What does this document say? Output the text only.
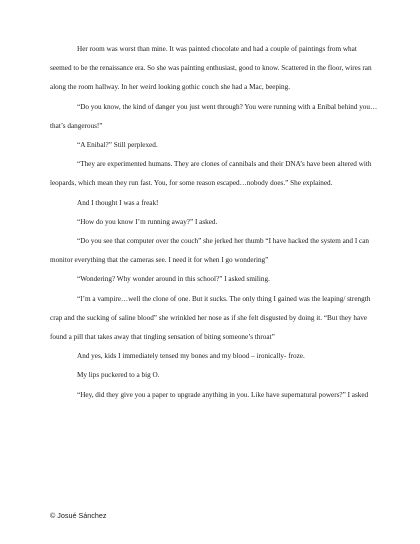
Her room was worst than mine. It was painted chocolate and had a couple of paintings from what seemed to be the renaissance era. So she was painting enthusiast, good to know. Scattered in the floor, wires ran along the room hallway. In her weird looking gothic couch she had a Mac, beeping.

“Do you know, the kind of danger you just went through? You were running with a Enibal behind you…that’s dangerous!”

“A Enibal?” Still perplexed.

“They are experimented humans. They are clones of cannibals and their DNA’s have been altered with leopards, which mean they run fast. You, for some reason escaped…nobody does.” She explained.

And I thought I was a freak!

“How do you know I’m running away?” I asked.

“Do you see that computer over the couch” she jerked her thumb “I have hacked the system and I can monitor everything that the cameras see. I need it for when I go wondering”

“Wondering? Why wonder around in this school?” I asked smiling.

“I’m a vampire…well the clone of one. But it sucks. The only thing I gained was the leaping/ strength crap and the sucking of saline blood” she wrinkled her nose as if she felt disgusted by doing it. “But they have found a pill that takes away that tingling sensation of biting someone’s throat”

And yes, kids I immediately tensed my bones and my blood – ironically- froze.

My lips puckered to a big O.

“Hey, did they give you a paper to upgrade anything in you. Like have supernatural powers?” I asked

© Josué Sánchez
